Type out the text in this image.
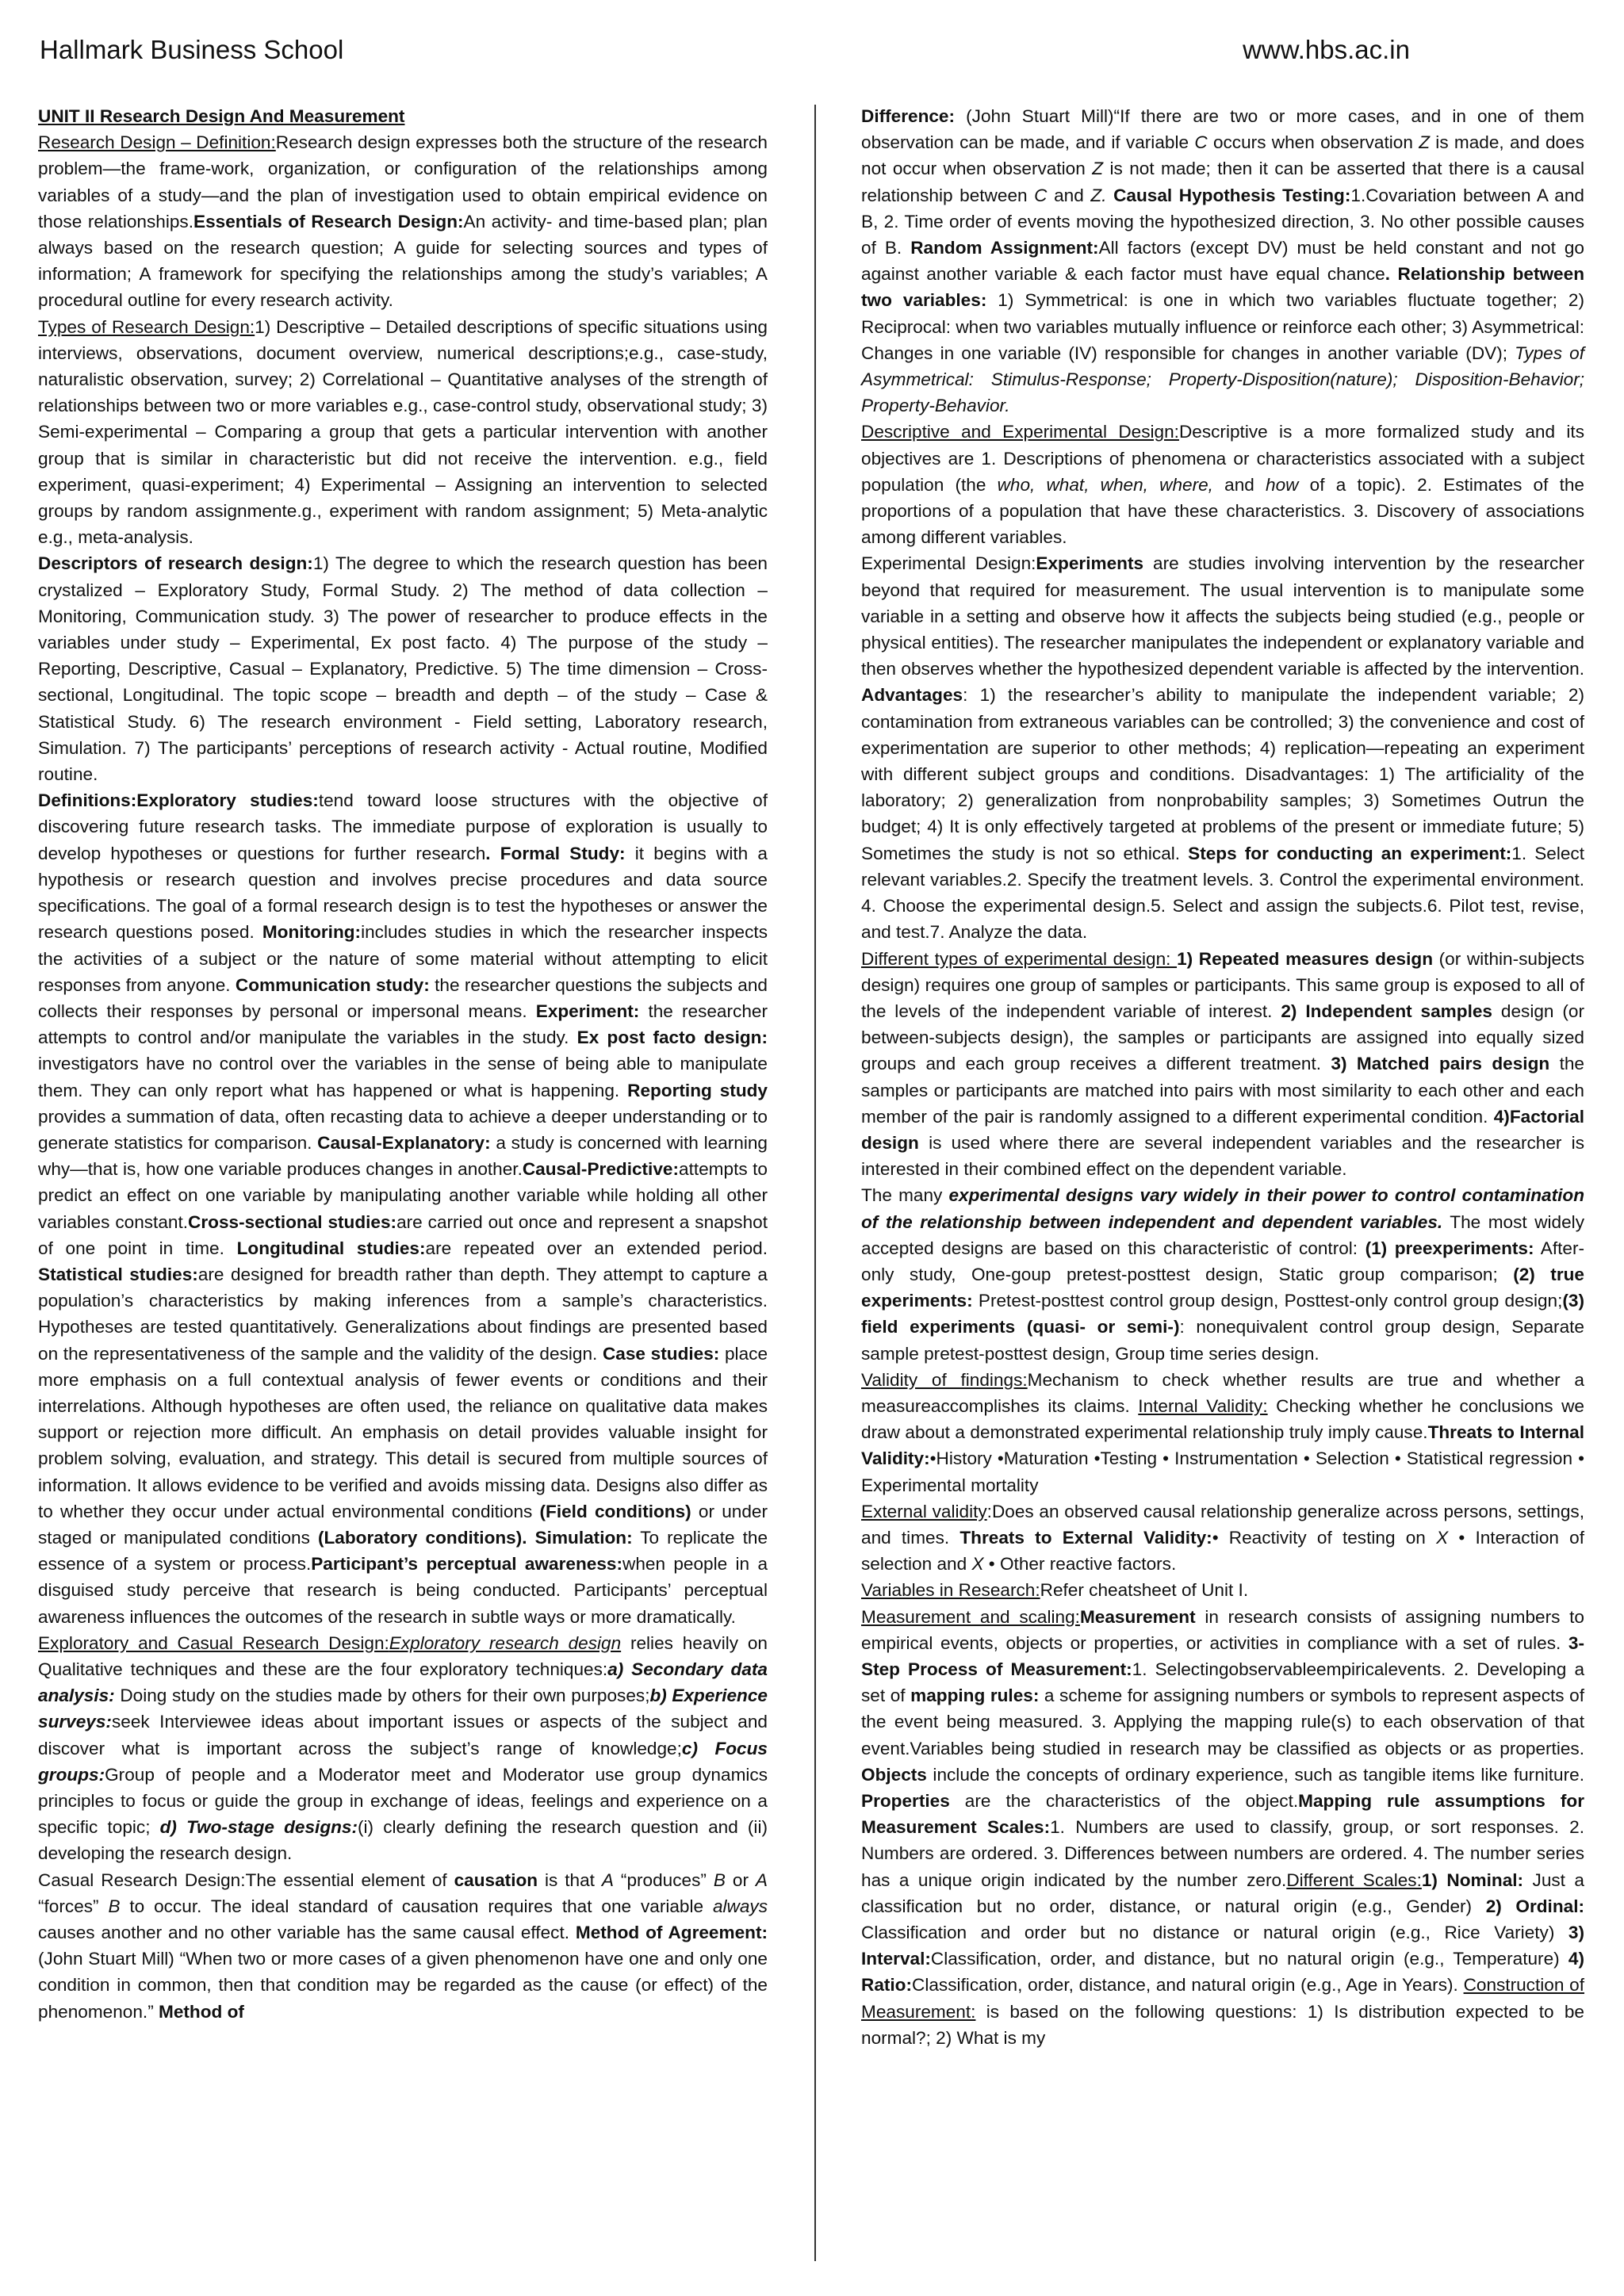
Hallmark Business School	www.hbs.ac.in

UNIT II Research Design And Measurement
Research Design – Definition:Research design expresses both the structure of the research problem—the frame-work, organization, or configuration of the relationships among variables of a study—and the plan of investigation used to obtain empirical evidence on those relationships.Essentials of Research Design:An activity- and time-based plan; plan always based on the research question; A guide for selecting sources and types of information; A framework for specifying the relationships among the study’s variables; A procedural outline for every research activity.

Types of Research Design:1) Descriptive – Detailed descriptions of specific situations using interviews, observations, document overview, numerical descriptions;e.g., case-study, naturalistic observation, survey; 2) Correlational – Quantitative analyses of the strength of relationships between two or more variables e.g., case-control study, observational study; 3) Semi-experimental – Comparing a group that gets a particular intervention with another group that is similar in characteristic but did not receive the intervention. e.g., field experiment, quasi-experiment; 4) Experimental – Assigning an intervention to selected groups by random assignmente.g., experiment with random assignment; 5) Meta-analytic e.g., meta-analysis.

Descriptors of research design:1) The degree to which the research question has been crystalized – Exploratory Study, Formal Study. 2) The method of data collection – Monitoring, Communication study. 3) The power of researcher to produce effects in the variables under study – Experimental, Ex post facto. 4) The purpose of the study – Reporting, Descriptive, Casual – Explanatory, Predictive. 5) The time dimension – Cross-sectional, Longitudinal. The topic scope – breadth and depth – of the study – Case & Statistical Study. 6) The research environment - Field setting, Laboratory research, Simulation. 7) The participants’ perceptions of research activity - Actual routine, Modified routine.

Definitions:Exploratory studies:tend toward loose structures with the objective of discovering future research tasks. The immediate purpose of exploration is usually to develop hypotheses or questions for further research. Formal Study: it begins with a hypothesis or research question and involves precise procedures and data source specifications. The goal of a formal research design is to test the hypotheses or answer the research questions posed. Monitoring:includes studies in which the researcher inspects the activities of a subject or the nature of some material without attempting to elicit responses from anyone. Communication study: the researcher questions the subjects and collects their responses by personal or impersonal means. Experiment: the researcher attempts to control and/or manipulate the variables in the study. Ex post facto design: investigators have no control over the variables in the sense of being able to manipulate them. They can only report what has happened or what is happening. Reporting study provides a summation of data, often recasting data to achieve a deeper understanding or to generate statistics for comparison. Causal-Explanatory: a study is concerned with learning why—that is, how one variable produces changes in another.Causal-Predictive:attempts to predict an effect on one variable by manipulating another variable while holding all other variables constant.Cross-sectional studies:are carried out once and represent a snapshot of one point in time. Longitudinal studies:are repeated over an extended period. Statistical studies:are designed for breadth rather than depth. They attempt to capture a population’s characteristics by making inferences from a sample’s characteristics. Hypotheses are tested quantitatively. Generalizations about findings are presented based on the representativeness of the sample and the validity of the design. Case studies: place more emphasis on a full contextual analysis of fewer events or conditions and their interrelations. Although hypotheses are often used, the reliance on qualitative data makes support or rejection more difficult. An emphasis on detail provides valuable insight for problem solving, evaluation, and strategy. This detail is secured from multiple sources of information. It allows evidence to be verified and avoids missing data. Designs also differ as to whether they occur under actual environmental conditions (Field conditions) or under staged or manipulated conditions (Laboratory conditions). Simulation: To replicate the essence of a system or process.Participant’s perceptual awareness:when people in a disguised study perceive that research is being conducted. Participants’ perceptual awareness influences the outcomes of the research in subtle ways or more dramatically.

Exploratory and Casual Research Design:Exploratory research design relies heavily on Qualitative techniques and these are the four exploratory techniques:a) Secondary data analysis: Doing study on the studies made by others for their own purposes;b) Experience surveys:seek Interviewee ideas about important issues or aspects of the subject and discover what is important across the subject’s range of knowledge;c) Focus groups:Group of people and a Moderator meet and Moderator use group dynamics principles to focus or guide the group in exchange of ideas, feelings and experience on a specific topic; d) Two-stage designs:(i) clearly defining the research question and (ii) developing the research design.

Casual Research Design:The essential element of causation is that A “produces” B or A “forces” B to occur. The ideal standard of causation requires that one variable always causes another and no other variable has the same causal effect. Method of Agreement: (John Stuart Mill) “When two or more cases of a given phenomenon have one and only one condition in common, then that condition may be regarded as the cause (or effect) of the phenomenon.” Method of

Difference: (John Stuart Mill)“If there are two or more cases, and in one of them observation can be made, and if variable C occurs when observation Z is made, and does not occur when observation Z is not made; then it can be asserted that there is a causal relationship between C and Z. Causal Hypothesis Testing:1.Covariation between A and B, 2. Time order of events moving the hypothesized direction, 3. No other possible causes of B. Random Assignment:All factors (except DV) must be held constant and not go against another variable & each factor must have equal chance. Relationship between two variables: 1) Symmetrical: is one in which two variables fluctuate together; 2) Reciprocal: when two variables mutually influence or reinforce each other; 3) Asymmetrical: Changes in one variable (IV) responsible for changes in another variable (DV); Types of Asymmetrical: Stimulus-Response; Property-Disposition(nature); Disposition-Behavior; Property-Behavior.

Descriptive and Experimental Design:Descriptive is a more formalized study and its objectives are 1. Descriptions of phenomena or characteristics associated with a subject population (the who, what, when, where, and how of a topic). 2. Estimates of the proportions of a population that have these characteristics. 3. Discovery of associations among different variables.

Experimental Design:Experiments are studies involving intervention by the researcher beyond that required for measurement. The usual intervention is to manipulate some variable in a setting and observe how it affects the subjects being studied (e.g., people or physical entities). The researcher manipulates the independent or explanatory variable and then observes whether the hypothesized dependent variable is affected by the intervention. Advantages: 1) the researcher’s ability to manipulate the independent variable; 2) contamination from extraneous variables can be controlled; 3) the convenience and cost of experimentation are superior to other methods; 4) replication—repeating an experiment with different subject groups and conditions. Disadvantages: 1) The artificiality of the laboratory; 2) generalization from nonprobability samples; 3) Sometimes Outrun the budget; 4) It is only effectively targeted at problems of the present or immediate future; 5) Sometimes the study is not so ethical. Steps for conducting an experiment:1. Select relevant variables.2. Specify the treatment levels. 3. Control the experimental environment. 4. Choose the experimental design.5. Select and assign the subjects.6. Pilot test, revise, and test.7. Analyze the data.

Different types of experimental design: 1) Repeated measures design (or within-subjects design) requires one group of samples or participants. This same group is exposed to all of the levels of the independent variable of interest. 2) Independent samples design (or between-subjects design), the samples or participants are assigned into equally sized groups and each group receives a different treatment. 3) Matched pairs design the samples or participants are matched into pairs with most similarity to each other and each member of the pair is randomly assigned to a different experimental condition. 4)Factorial design is used where there are several independent variables and the researcher is interested in their combined effect on the dependent variable.

The many experimental designs vary widely in their power to control contamination of the relationship between independent and dependent variables. The most widely accepted designs are based on this characteristic of control: (1) preexperiments: After-only study, One-goup pretest-posttest design, Static group comparison; (2) true experiments: Pretest-posttest control group design, Posttest-only control group design;(3) field experiments (quasi- or semi-): nonequivalent control group design, Separate sample pretest-posttest design, Group time series design.

Validity of findings:Mechanism to check whether results are true and whether a measureaccomplishes its claims. Internal Validity: Checking whether he conclusions we draw about a demonstrated experimental relationship truly imply cause.Threats to Internal Validity:•History •Maturation •Testing • Instrumentation • Selection • Statistical regression • Experimental mortality

External validity:Does an observed causal relationship generalize across persons, settings, and times. Threats to External Validity:• Reactivity of testing on X • Interaction of selection and X • Other reactive factors.

Variables in Research:Refer cheatsheet of Unit I.

Measurement and scaling:Measurement in research consists of assigning numbers to empirical events, objects or properties, or activities in compliance with a set of rules. 3-Step Process of Measurement:1. Selectingobservableempiricalevents. 2. Developing a set of mapping rules: a scheme for assigning numbers or symbols to represent aspects of the event being measured. 3. Applying the mapping rule(s) to each observation of that event.Variables being studied in research may be classified as objects or as properties. Objects include the concepts of ordinary experience, such as tangible items like furniture. Properties are the characteristics of the object.Mapping rule assumptions for Measurement Scales:1. Numbers are used to classify, group, or sort responses. 2. Numbers are ordered. 3. Differences between numbers are ordered. 4. The number series has a unique origin indicated by the number zero.Different Scales:1) Nominal: Just a classification but no order, distance, or natural origin (e.g., Gender) 2) Ordinal: Classification and order but no distance or natural origin (e.g., Rice Variety) 3) Interval:Classification, order, and distance, but no natural origin (e.g., Temperature) 4) Ratio:Classification, order, distance, and natural origin (e.g., Age in Years). Construction of Measurement: is based on the following questions: 1) Is distribution expected to be normal?; 2) What is my
